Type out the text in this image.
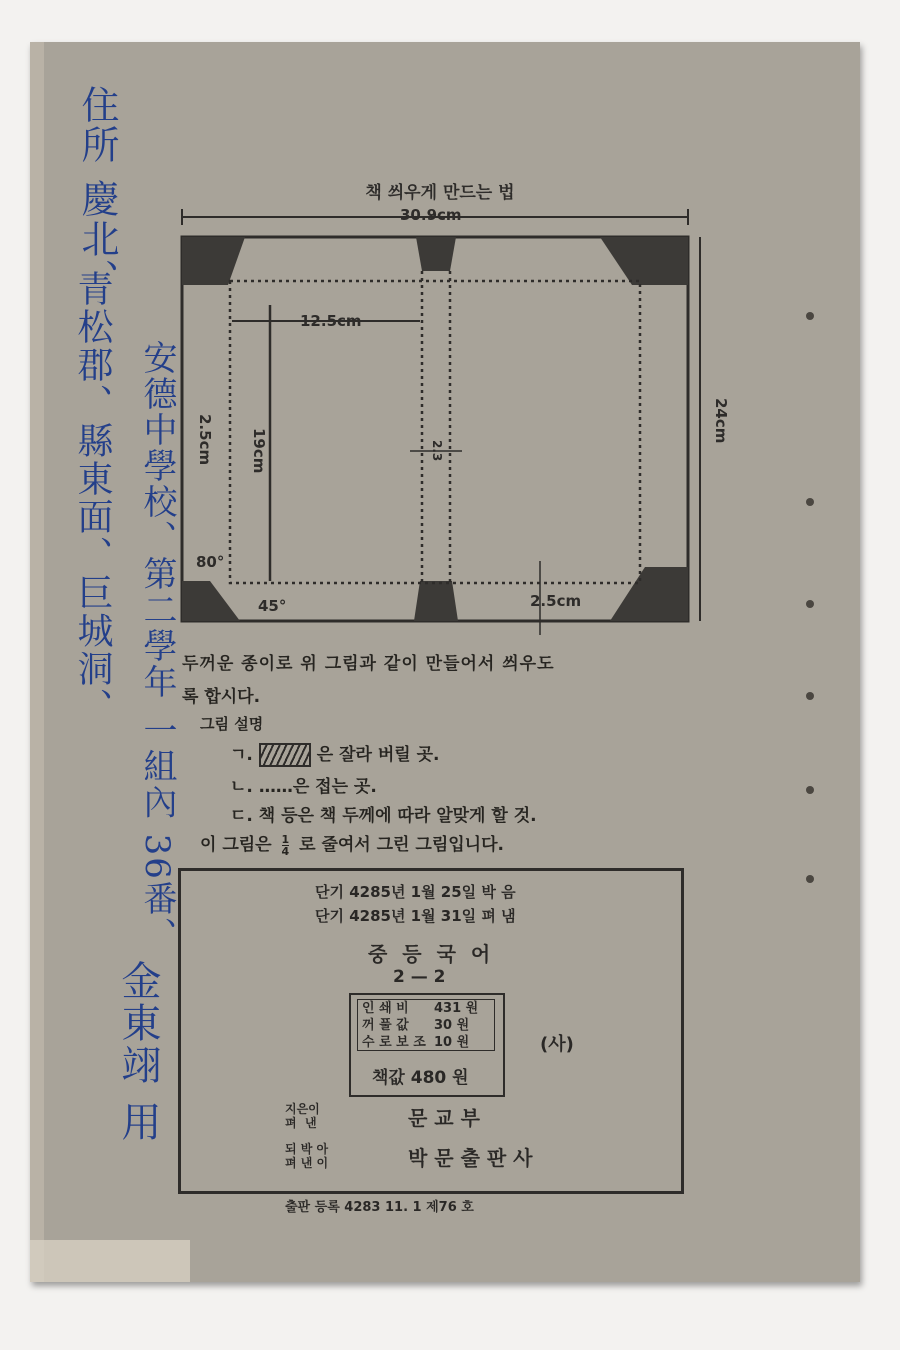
住所 慶北、
青松郡、縣東面、巨城洞、 安德中學校、第二學年 一組內 36番、
金東翊 用
책 씌우게 만드는 법
30.9cm
24cm
12.5cm
19cm
2.5cm
2.5cm
2.3
80°
45°
두꺼운 종이로 위 그림과 같이 만들어서 씌우도
록 합시다.
그림 설명
ㄱ.	은 잘라 버릴 곳.
ㄴ. ……은 접는 곳.
ㄷ. 책 등은 책 두께에 따라 알맞게 할 것.
이 그림은 $\frac{1}{4}$ 로 줄여서 그린 그림입니다.
단기 4285년 1월 25일 박 음
단기 4285년 1월 31일 펴 냄
중 등 국 어
2 — 2
인 쇄 비 431 원
꺼 풀 값 30 원
수 로 보 조 10 원
책값 480 원
(사)
지은이
펴  낸	문 교 부
되 박 아
펴 낸 이	박 문 출 판 사
출판 등록 4283 11. 1 제76 호
